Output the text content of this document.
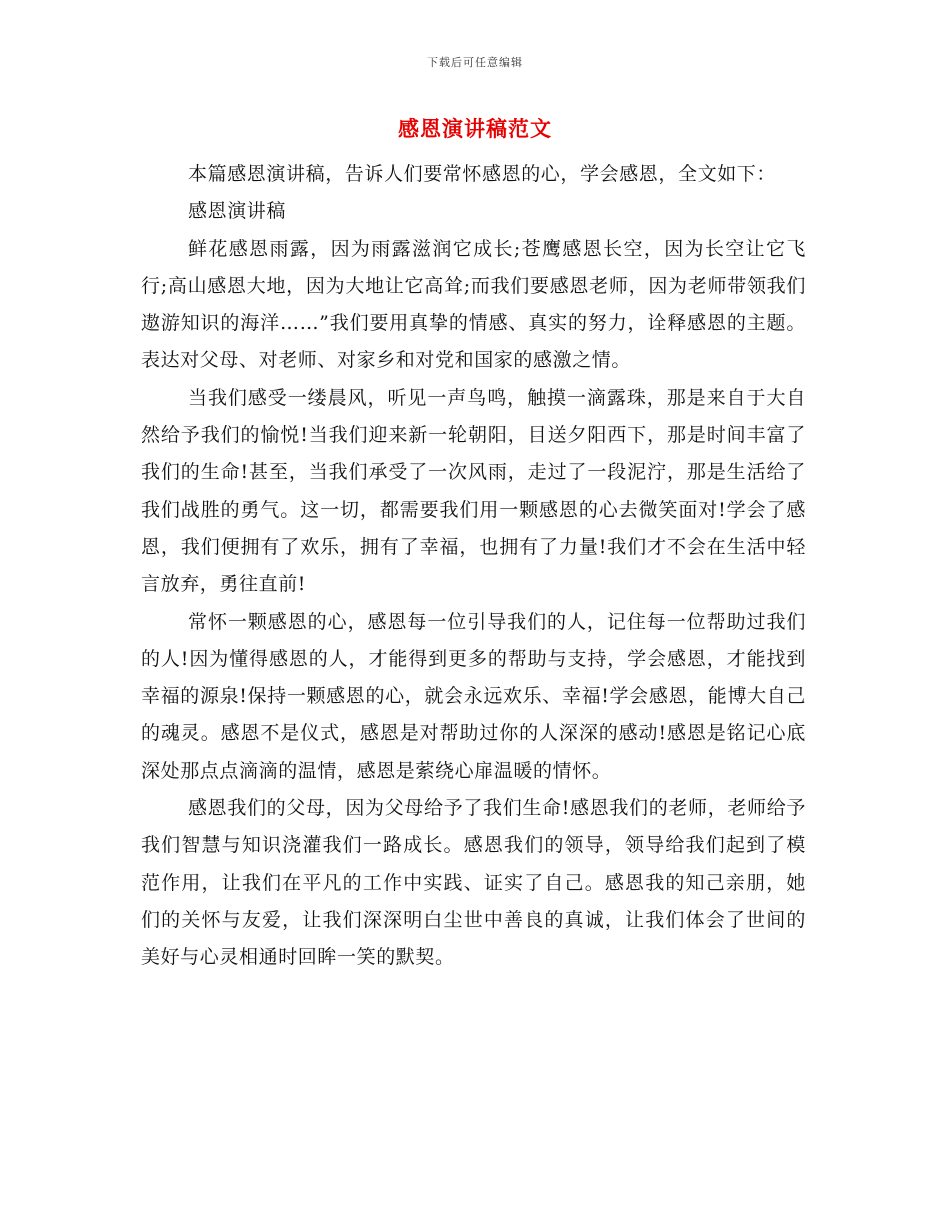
下载后可任意编辑
感恩演讲稿范文

本篇感恩演讲稿，告诉人们要常怀感恩的心，学会感恩，全文如下：

感恩演讲稿

鲜花感恩雨露，因为雨露滋润它成长;苍鹰感恩长空，因为长空让它飞行;高山感恩大地，因为大地让它高耸;而我们要感恩老师，因为老师带领我们遨游知识的海洋……”我们要用真挚的情感、真实的努力，诠释感恩的主题。表达对父母、对老师、对家乡和对党和国家的感激之情。

当我们感受一缕晨风，听见一声鸟鸣，触摸一滴露珠，那是来自于大自然给予我们的愉悦!当我们迎来新一轮朝阳，目送夕阳西下，那是时间丰富了我们的生命!甚至，当我们承受了一次风雨，走过了一段泥泞，那是生活给了我们战胜的勇气。这一切，都需要我们用一颗感恩的心去微笑面对!学会了感恩，我们便拥有了欢乐，拥有了幸福，也拥有了力量!我们才不会在生活中轻言放弃，勇往直前!

常怀一颗感恩的心，感恩每一位引导我们的人，记住每一位帮助过我们的人!因为懂得感恩的人，才能得到更多的帮助与支持，学会感恩，才能找到幸福的源泉!保持一颗感恩的心，就会永远欢乐、幸福!学会感恩，能博大自己的魂灵。感恩不是仪式，感恩是对帮助过你的人深深的感动!感恩是铭记心底深处那点点滴滴的温情，感恩是萦绕心扉温暖的情怀。

感恩我们的父母，因为父母给予了我们生命!感恩我们的老师，老师给予我们智慧与知识浇灌我们一路成长。感恩我们的领导，领导给我们起到了模范作用，让我们在平凡的工作中实践、证实了自己。感恩我的知己亲朋，她们的关怀与友爱，让我们深深明白尘世中善良的真诚，让我们体会了世间的美好与心灵相通时回眸一笑的默契。
